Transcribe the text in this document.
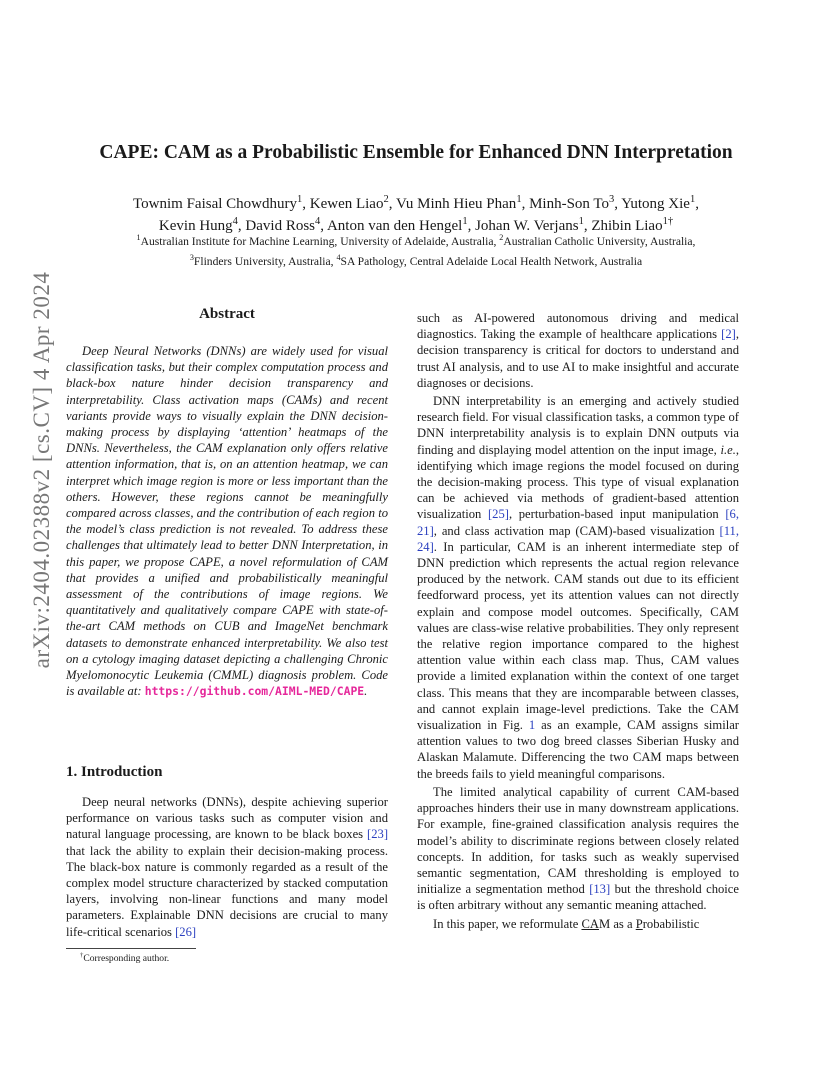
arXiv:2404.02388v2 [cs.CV] 4 Apr 2024
CAPE: CAM as a Probabilistic Ensemble for Enhanced DNN Interpretation
Townim Faisal Chowdhury$^1$, Kewen Liao$^2$, Vu Minh Hieu Phan$^1$, Minh-Son To$^3$, Yutong Xie$^1$,
Kevin Hung$^4$, David Ross$^4$, Anton van den Hengel$^1$, Johan W. Verjans$^1$, Zhibin Liao$^{1\dagger}$
$^1$Australian Institute for Machine Learning, University of Adelaide, Australia, $^2$Australian Catholic University, Australia,
$^3$Flinders University, Australia, $^4$SA Pathology, Central Adelaide Local Health Network, Australia
Abstract

Deep Neural Networks (DNNs) are widely used for visual classification tasks, but their complex computation process and black-box nature hinder decision transparency and interpretability. Class activation maps (CAMs) and recent variants provide ways to visually explain the DNN decision-making process by displaying ‘attention’ heatmaps of the DNNs. Nevertheless, the CAM explanation only offers relative attention information, that is, on an attention heatmap, we can interpret which image region is more or less important than the others. However, these regions cannot be meaningfully compared across classes, and the contribution of each region to the model’s class prediction is not revealed. To address these challenges that ultimately lead to better DNN Interpretation, in this paper, we propose CAPE, a novel reformulation of CAM that provides a unified and probabilistically meaningful assessment of the contributions of image regions. We quantitatively and qualitatively compare CAPE with state-of-the-art CAM methods on CUB and ImageNet benchmark datasets to demonstrate enhanced interpretability. We also test on a cytology imaging dataset depicting a challenging Chronic Myelomonocytic Leukemia (CMML) diagnosis problem. Code is available at: https://github.com/AIML-MED/CAPE.

1. Introduction

Deep neural networks (DNNs), despite achieving superior performance on various tasks such as computer vision and natural language processing, are known to be black boxes [23] that lack the ability to explain their decision-making process. The black-box nature is commonly regarded as a result of the complex model structure characterized by stacked computation layers, involving non-linear functions and many model parameters. Explainable DNN decisions are crucial to many life-critical scenarios [26]

such as AI-powered autonomous driving and medical diagnostics. Taking the example of healthcare applications [2], decision transparency is critical for doctors to understand and trust AI analysis, and to use AI to make insightful and accurate diagnoses or decisions.

DNN interpretability is an emerging and actively studied research field. For visual classification tasks, a common type of DNN interpretability analysis is to explain DNN outputs via finding and displaying model attention on the input image, i.e., identifying which image regions the model focused on during the decision-making process. This type of visual explanation can be achieved via methods of gradient-based attention visualization [25], perturbation-based input manipulation [6, 21], and class activation map (CAM)-based visualization [11, 24]. In particular, CAM is an inherent intermediate step of DNN prediction which represents the actual region relevance produced by the network. CAM stands out due to its efficient feedforward process, yet its attention values can not directly explain and compose model outcomes. Specifically, CAM values are class-wise relative probabilities. They only represent the relative region importance compared to the highest attention value within each class map. Thus, CAM values provide a limited explanation within the context of one target class. This means that they are incomparable between classes, and cannot explain image-level predictions. Take the CAM visualization in Fig. 1 as an example, CAM assigns similar attention values to two dog breed classes Siberian Husky and Alaskan Malamute. Differencing the two CAM maps between the breeds fails to yield meaningful comparisons.

The limited analytical capability of current CAM-based approaches hinders their use in many downstream applications. For example, fine-grained classification analysis requires the model’s ability to discriminate regions between closely related concepts. In addition, for tasks such as weakly supervised semantic segmentation, CAM thresholding is employed to initialize a segmentation method [13] but the threshold choice is often arbitrary without any semantic meaning attached.

In this paper, we reformulate CAM as a Probabilistic

†Corresponding author.
